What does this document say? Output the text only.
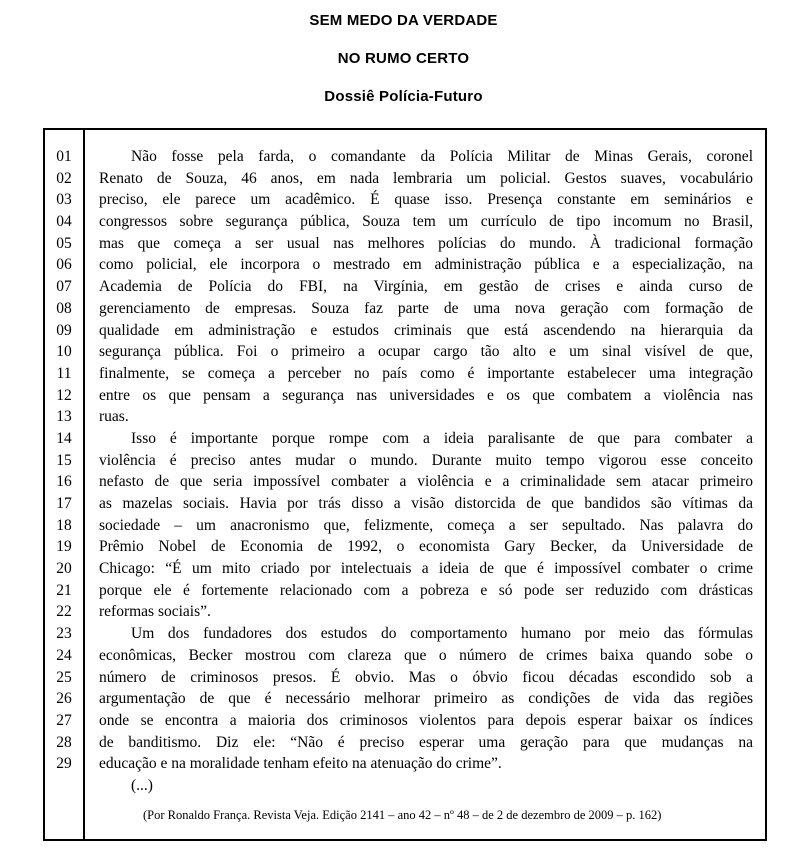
SEM MEDO DA VERDADE
NO RUMO CERTO
Dossiê Polícia-Futuro
01
02
03
04
05
06
07
08
09
10
11
12
13
14
15
16
17
18
19
20
21
22
23
24
25
26
27
28
29
Não fosse pela farda, o comandante da Polícia Militar de Minas Gerais, coronel
Renato de Souza, 46 anos, em nada lembraria um policial. Gestos suaves, vocabulário
preciso, ele parece um acadêmico. É quase isso. Presença constante em seminários e
congressos sobre segurança pública, Souza tem um currículo de tipo incomum no Brasil,
mas que começa a ser usual nas melhores polícias do mundo. À tradicional formação
como policial, ele incorpora o mestrado em administração pública e a especialização, na
Academia de Polícia do FBI, na Virgínia, em gestão de crises e ainda curso de
gerenciamento de empresas. Souza faz parte de uma nova geração com formação de
qualidade em administração e estudos criminais que está ascendendo na hierarquia da
segurança pública. Foi o primeiro a ocupar cargo tão alto e um sinal visível de que,
finalmente, se começa a perceber no país como é importante estabelecer uma integração
entre os que pensam a segurança nas universidades e os que combatem a violência nas
ruas.
Isso é importante porque rompe com a ideia paralisante de que para combater a
violência é preciso antes mudar o mundo. Durante muito tempo vigorou esse conceito
nefasto de que seria impossível combater a violência e a criminalidade sem atacar primeiro
as mazelas sociais. Havia por trás disso a visão distorcida de que bandidos são vítimas da
sociedade – um anacronismo que, felizmente, começa a ser sepultado. Nas palavra do
Prêmio Nobel de Economia de 1992, o economista Gary Becker, da Universidade de
Chicago: “É um mito criado por intelectuais a ideia de que é impossível combater o crime
porque ele é fortemente relacionado com a pobreza e só pode ser reduzido com drásticas
reformas sociais”.
Um dos fundadores dos estudos do comportamento humano por meio das fórmulas
econômicas, Becker mostrou com clareza que o número de crimes baixa quando sobe o
número de criminosos presos. É obvio. Mas o óbvio ficou décadas escondido sob a
argumentação de que é necessário melhorar primeiro as condições de vida das regiões
onde se encontra a maioria dos criminosos violentos para depois esperar baixar os índices
de banditismo. Diz ele: “Não é preciso esperar uma geração para que mudanças na
educação e na moralidade tenham efeito na atenuação do crime”.
(...)
(Por Ronaldo França. Revista Veja. Edição 2141 – ano 42 – nº 48 – de 2 de dezembro de 2009 – p. 162)
